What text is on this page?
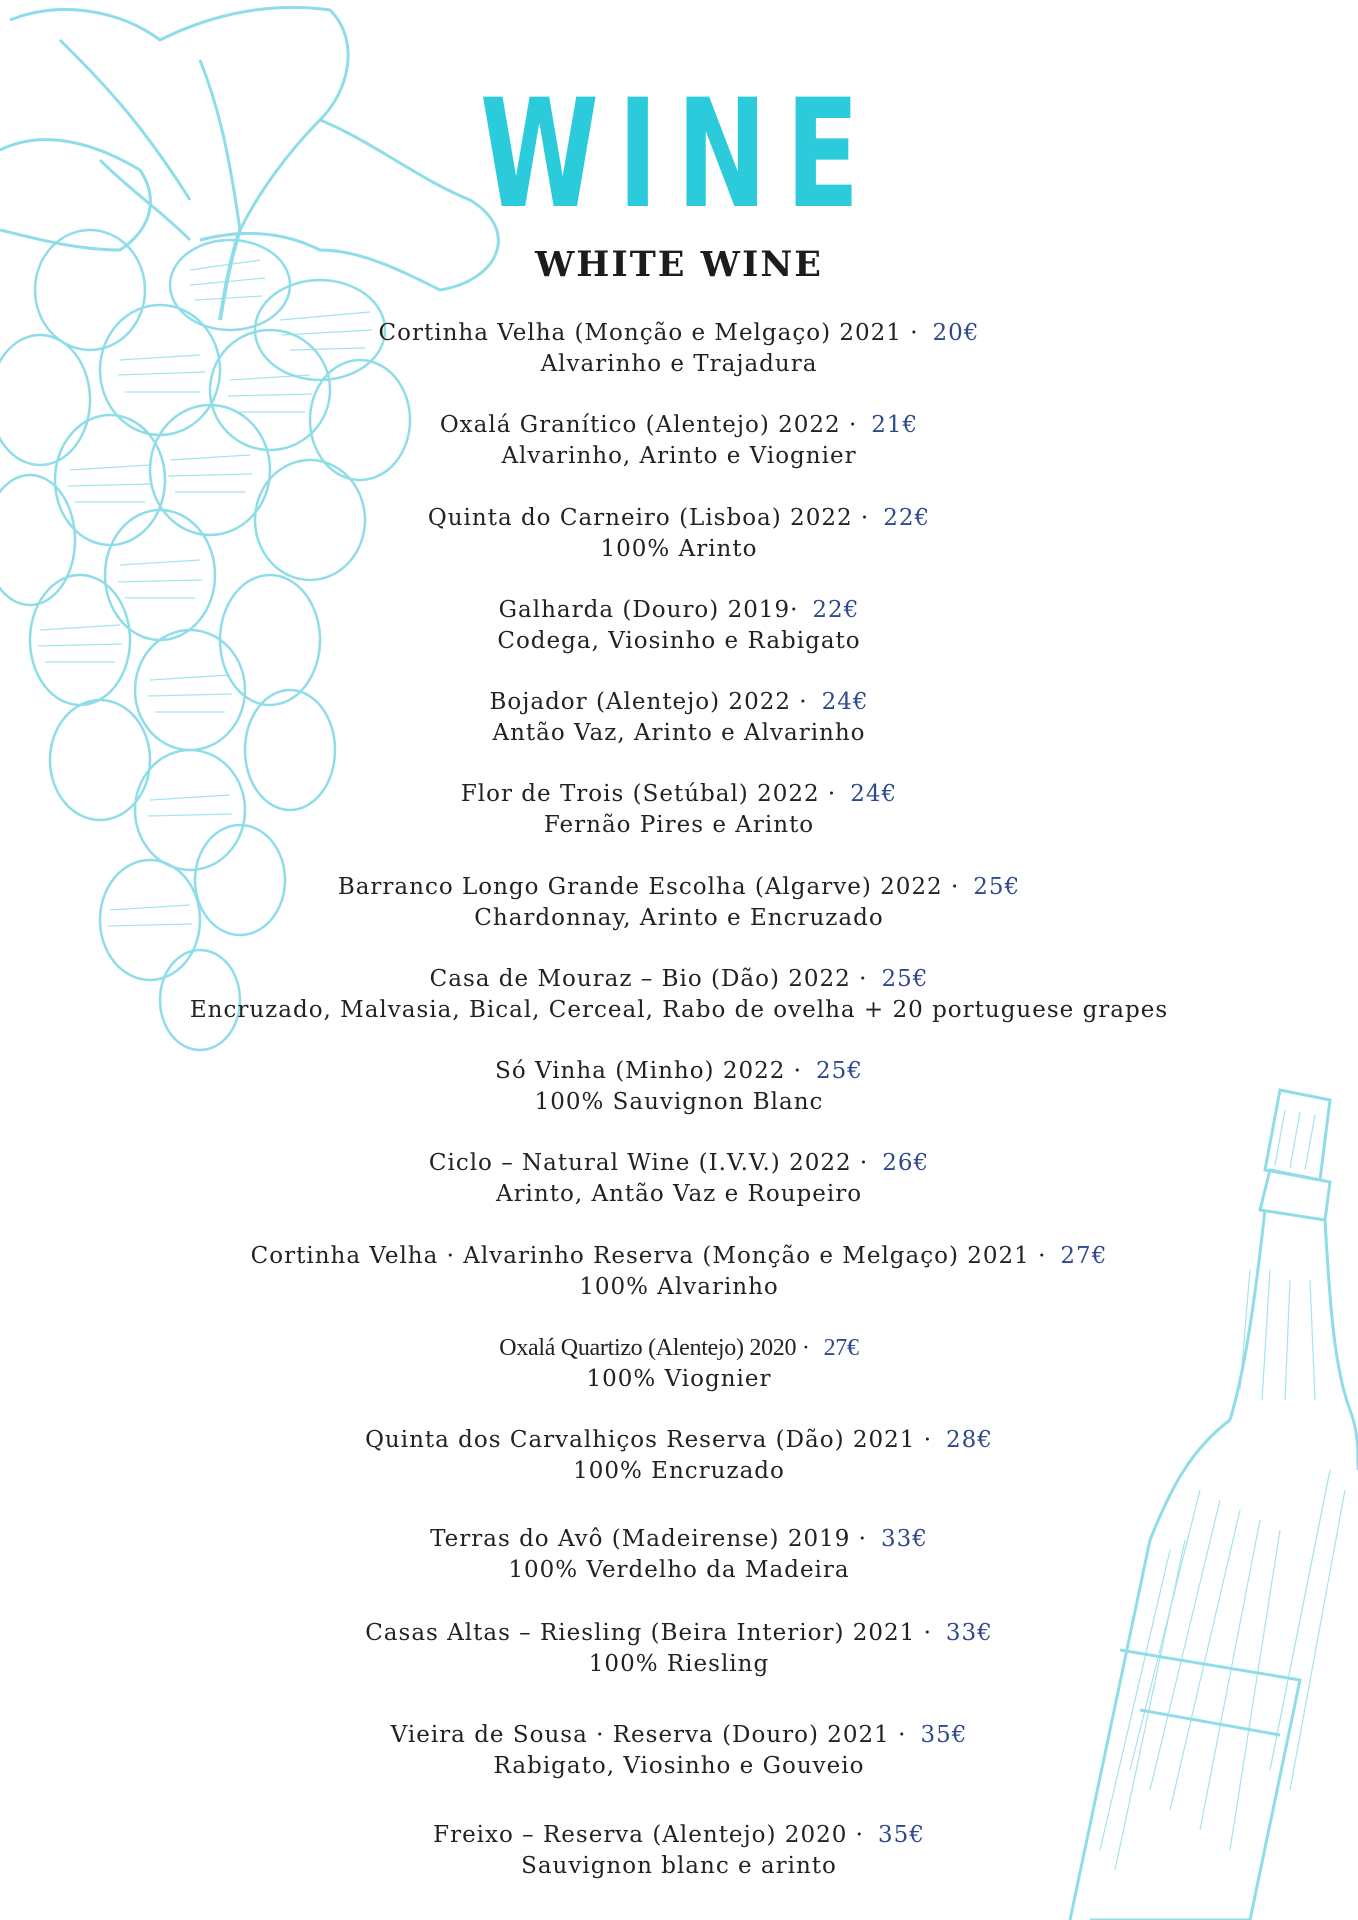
WINE
WHITE WINE
Cortinha Velha (Monção e Melgaço) 2021 · 20€
Alvarinho e Trajadura
Oxalá Granítico (Alentejo) 2022 · 21€
Alvarinho, Arinto e Viognier
Quinta do Carneiro (Lisboa) 2022 · 22€
100% Arinto
Galharda (Douro) 2019· 22€
Codega, Viosinho e Rabigato
Bojador (Alentejo) 2022 · 24€
Antão Vaz, Arinto e Alvarinho
Flor de Trois (Setúbal) 2022 · 24€
Fernão Pires e Arinto
Barranco Longo Grande Escolha (Algarve) 2022 · 25€
Chardonnay, Arinto e Encruzado
Casa de Mouraz – Bio (Dão) 2022 · 25€
Encruzado, Malvasia, Bical, Cerceal, Rabo de ovelha + 20 portuguese grapes
Só Vinha (Minho) 2022 · 25€
100% Sauvignon Blanc
Ciclo – Natural Wine (I.V.V.) 2022 · 26€
Arinto, Antão Vaz e Roupeiro
Cortinha Velha · Alvarinho Reserva (Monção e Melgaço) 2021 · 27€
100% Alvarinho
Oxalá Quartizo (Alentejo) 2020 · 27€
100% Viognier
Quinta dos Carvalhiços Reserva (Dão) 2021 · 28€
100% Encruzado
Terras do Avô (Madeirense) 2019 · 33€
100% Verdelho da Madeira
Casas Altas – Riesling (Beira Interior) 2021 · 33€
100% Riesling
Vieira de Sousa · Reserva (Douro) 2021 · 35€
Rabigato, Viosinho e Gouveio
Freixo – Reserva (Alentejo) 2020 · 35€
Sauvignon blanc e arinto
